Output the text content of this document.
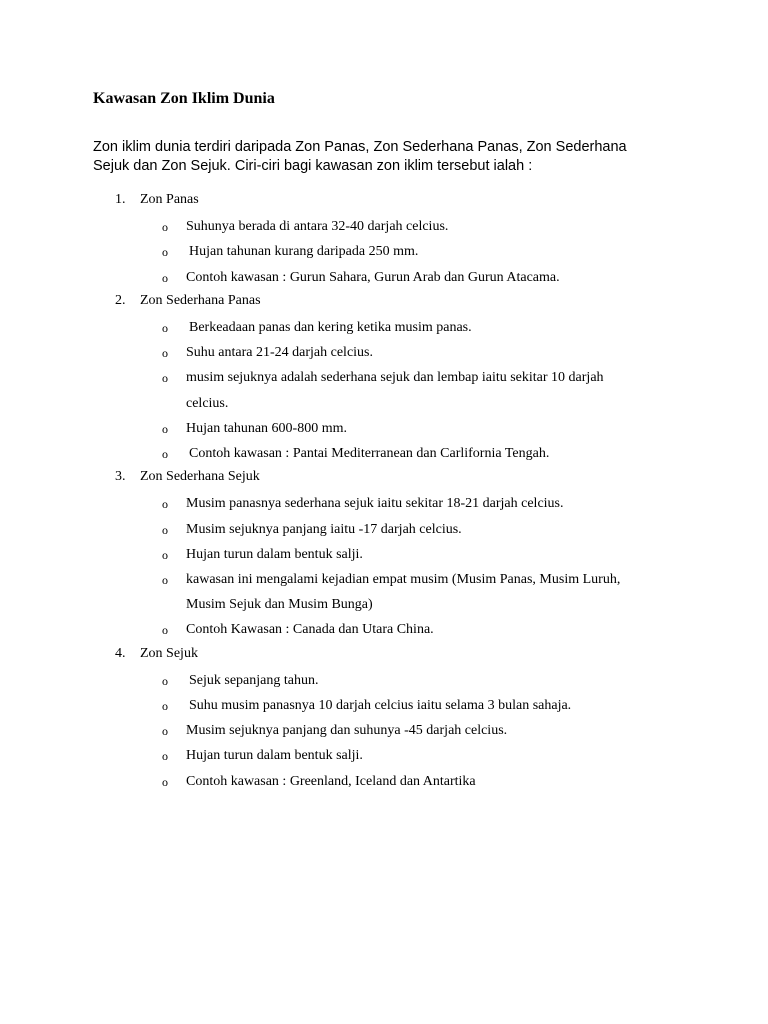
Kawasan Zon Iklim Dunia
Zon iklim dunia terdiri daripada Zon Panas, Zon Sederhana Panas, Zon Sederhana
Sejuk dan Zon Sejuk. Ciri-ciri bagi kawasan zon iklim tersebut ialah :
1. Zon Panas
o Suhunya berada di antara 32-40 darjah celcius.
o Hujan tahunan kurang daripada 250 mm.
o Contoh kawasan : Gurun Sahara, Gurun Arab dan Gurun Atacama.
2. Zon Sederhana Panas
o Berkeadaan panas dan kering ketika musim panas.
o Suhu antara 21-24 darjah celcius.
o musim sejuknya adalah sederhana sejuk dan lembap iaitu sekitar 10 darjah
celcius.
o Hujan tahunan 600-800 mm.
o Contoh kawasan : Pantai Mediterranean dan Carlifornia Tengah.
3. Zon Sederhana Sejuk
o Musim panasnya sederhana sejuk iaitu sekitar 18-21 darjah celcius.
o Musim sejuknya panjang iaitu -17 darjah celcius.
o Hujan turun dalam bentuk salji.
o kawasan ini mengalami kejadian empat musim (Musim Panas, Musim Luruh,
Musim Sejuk dan Musim Bunga)
o Contoh Kawasan : Canada dan Utara China.
4. Zon Sejuk
o Sejuk sepanjang tahun.
o Suhu musim panasnya 10 darjah celcius iaitu selama 3 bulan sahaja.
o Musim sejuknya panjang dan suhunya -45 darjah celcius.
o Hujan turun dalam bentuk salji.
o Contoh kawasan : Greenland, Iceland dan Antartika
